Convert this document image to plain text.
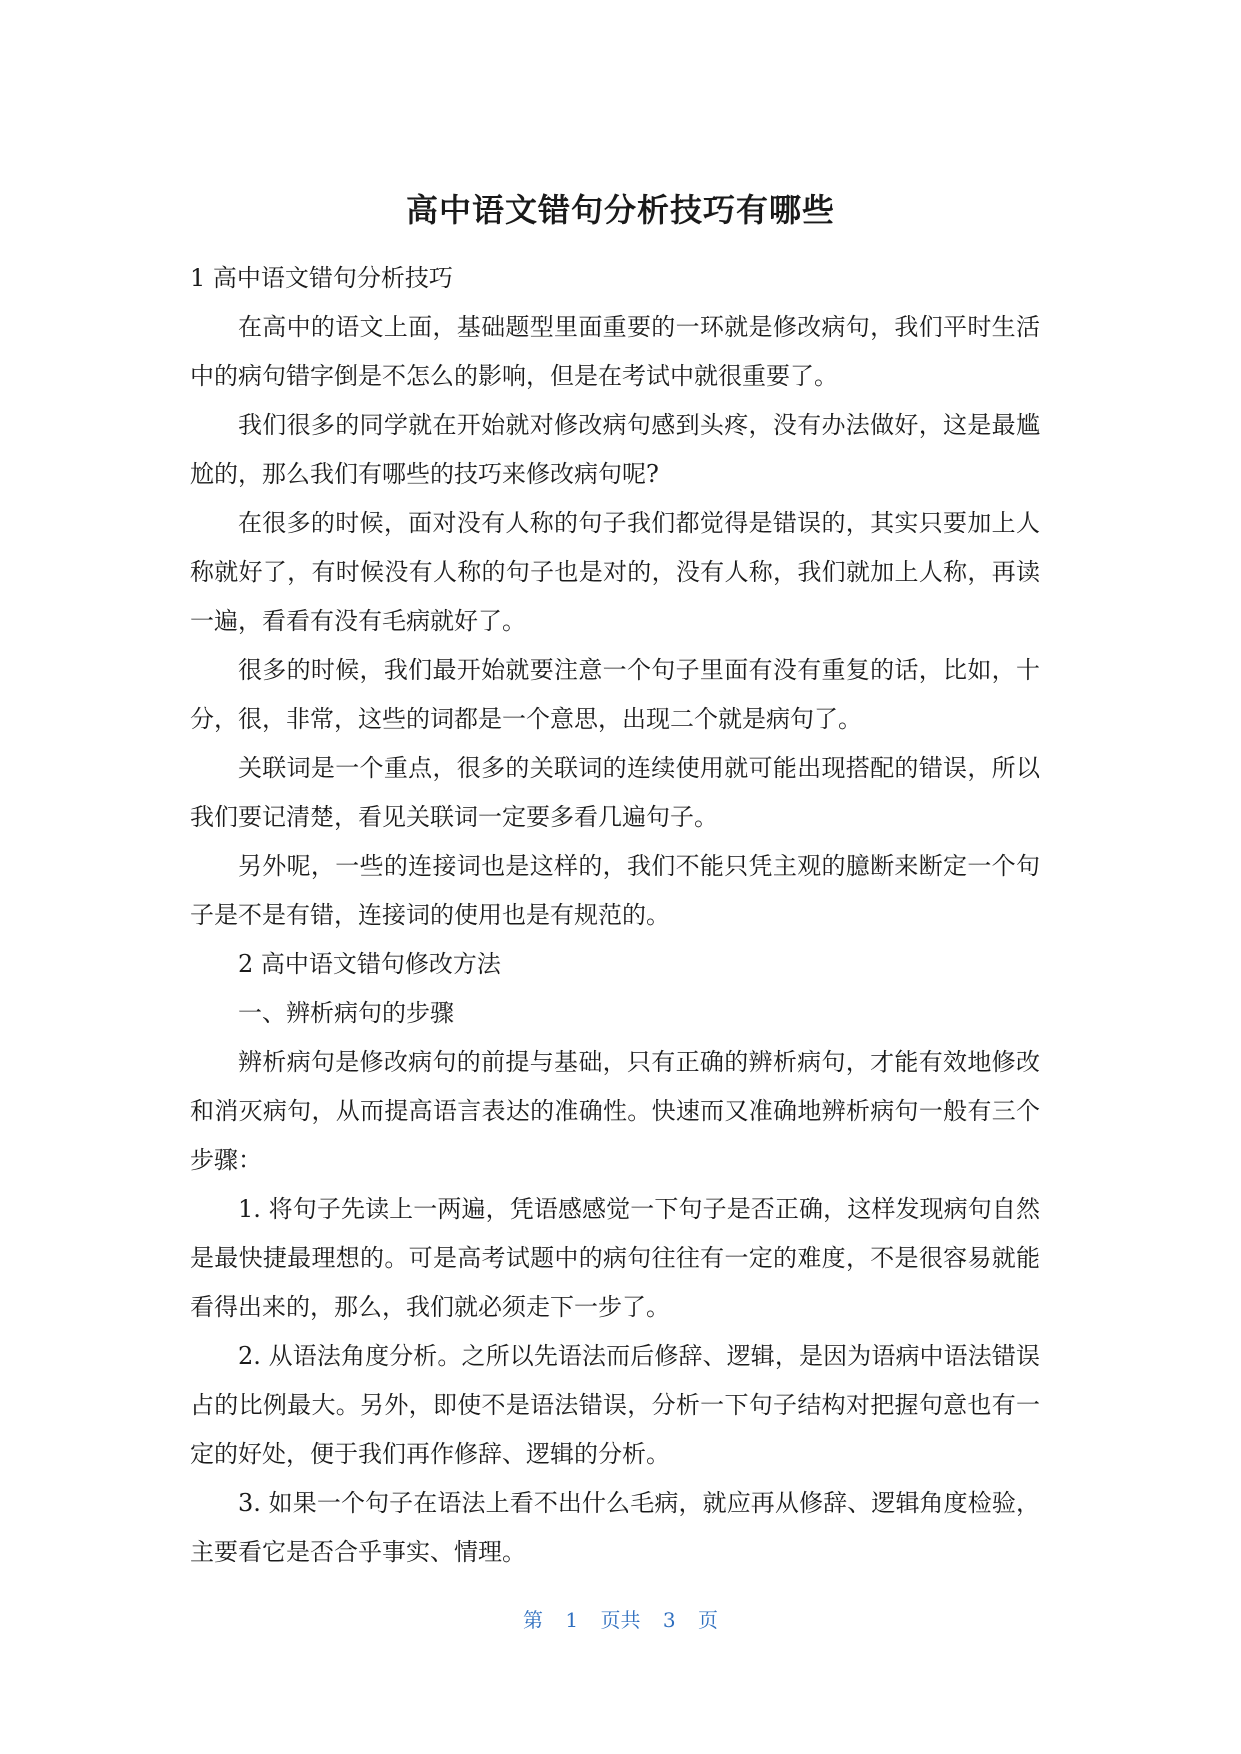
高中语文错句分析技巧有哪些

1 高中语文错句分析技巧

在高中的语文上面，基础题型里面重要的一环就是修改病句，我们平时生活中的病句错字倒是不怎么的影响，但是在考试中就很重要了。

我们很多的同学就在开始就对修改病句感到头疼，没有办法做好，这是最尴尬的，那么我们有哪些的技巧来修改病句呢?

在很多的时候，面对没有人称的句子我们都觉得是错误的，其实只要加上人称就好了，有时候没有人称的句子也是对的，没有人称，我们就加上人称，再读一遍，看看有没有毛病就好了。

很多的时候，我们最开始就要注意一个句子里面有没有重复的话，比如，十分，很，非常，这些的词都是一个意思，出现二个就是病句了。

关联词是一个重点，很多的关联词的连续使用就可能出现搭配的错误，所以我们要记清楚，看见关联词一定要多看几遍句子。

另外呢，一些的连接词也是这样的，我们不能只凭主观的臆断来断定一个句子是不是有错，连接词的使用也是有规范的。

2 高中语文错句修改方法

一、辨析病句的步骤

辨析病句是修改病句的前提与基础，只有正确的辨析病句，才能有效地修改和消灭病句，从而提高语言表达的准确性。快速而又准确地辨析病句一般有三个步骤：

1. 将句子先读上一两遍，凭语感感觉一下句子是否正确，这样发现病句自然是最快捷最理想的。可是高考试题中的病句往往有一定的难度，不是很容易就能看得出来的，那么，我们就必须走下一步了。

2. 从语法角度分析。之所以先语法而后修辞、逻辑，是因为语病中语法错误占的比例最大。另外，即使不是语法错误，分析一下句子结构对把握句意也有一定的好处，便于我们再作修辞、逻辑的分析。

3. 如果一个句子在语法上看不出什么毛病，就应再从修辞、逻辑角度检验，主要看它是否合乎事实、情理。

第 1 页共 3 页
